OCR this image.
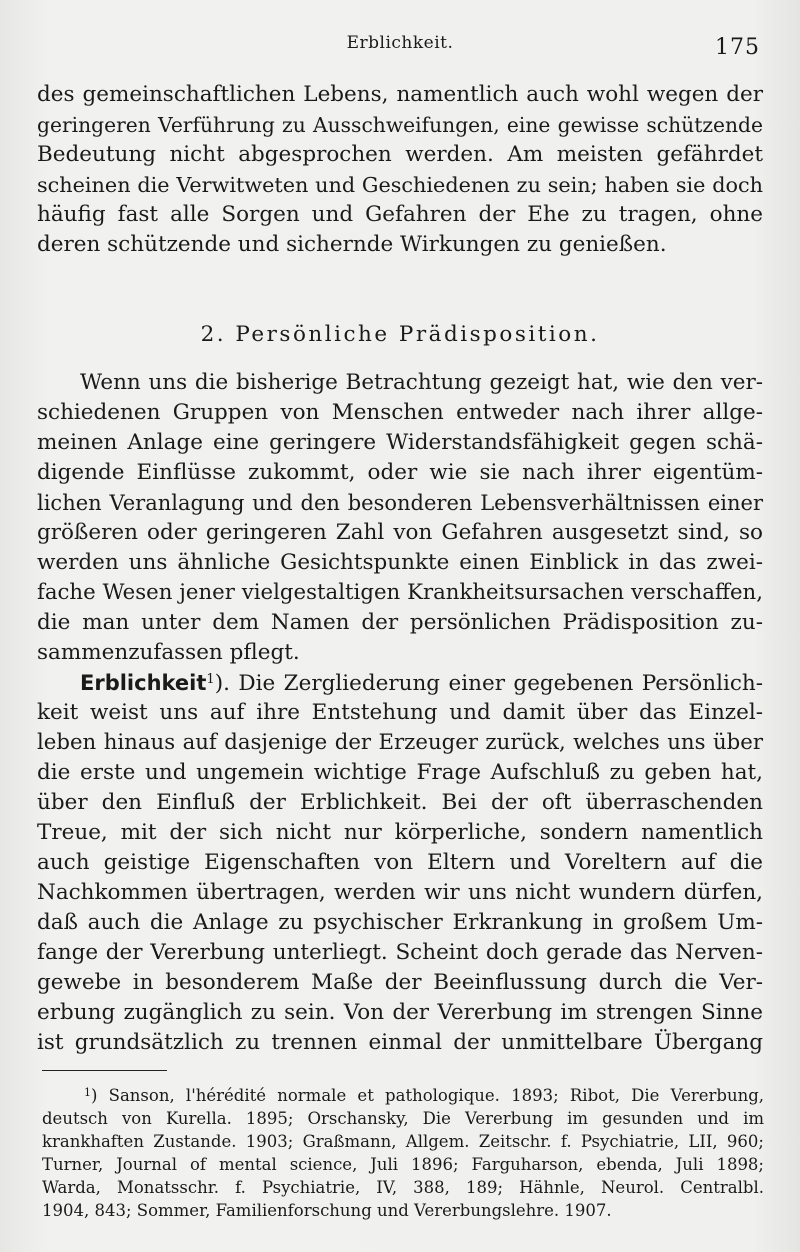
Erblichkeit.	175
des gemeinschaftlichen Lebens, namentlich auch wohl wegen der
geringeren Verführung zu Ausschweifungen, eine gewisse schützende
Bedeutung nicht abgesprochen werden. Am meisten gefährdet
scheinen die Verwitweten und Geschiedenen zu sein; haben sie doch
häufig fast alle Sorgen und Gefahren der Ehe zu tragen, ohne
deren schützende und sichernde Wirkungen zu genießen.
2. Persönliche Prädisposition.
Wenn uns die bisherige Betrachtung gezeigt hat, wie den ver-
schiedenen Gruppen von Menschen entweder nach ihrer allge-
meinen Anlage eine geringere Widerstandsfähigkeit gegen schä-
digende Einflüsse zukommt, oder wie sie nach ihrer eigentüm-
lichen Veranlagung und den besonderen Lebensverhältnissen einer
größeren oder geringeren Zahl von Gefahren ausgesetzt sind, so
werden uns ähnliche Gesichtspunkte einen Einblick in das zwei-
fache Wesen jener vielgestaltigen Krankheitsursachen verschaffen,
die man unter dem Namen der persönlichen Prädisposition zu-
sammenzufassen pflegt.
Erblichkeit$^1$). Die Zergliederung einer gegebenen Persönlich-
keit weist uns auf ihre Entstehung und damit über das Einzel-
leben hinaus auf dasjenige der Erzeuger zurück, welches uns über
die erste und ungemein wichtige Frage Aufschluß zu geben hat,
über den Einfluß der Erblichkeit. Bei der oft überraschenden
Treue, mit der sich nicht nur körperliche, sondern namentlich
auch geistige Eigenschaften von Eltern und Voreltern auf die
Nachkommen übertragen, werden wir uns nicht wundern dürfen,
daß auch die Anlage zu psychischer Erkrankung in großem Um-
fange der Vererbung unterliegt. Scheint doch gerade das Nerven-
gewebe in besonderem Maße der Beeinflussung durch die Ver-
erbung zugänglich zu sein. Von der Vererbung im strengen Sinne
ist grundsätzlich zu trennen einmal der unmittelbare Übergang
$^1$) Sanson, l'hérédité normale et pathologique. 1893; Ribot, Die Vererbung,
deutsch von Kurella. 1895; Orschansky, Die Vererbung im gesunden und im
krankhaften Zustande. 1903; Graßmann, Allgem. Zeitschr. f. Psychiatrie, LII, 960;
Turner, Journal of mental science, Juli 1896; Farguharson, ebenda, Juli 1898;
Warda, Monatsschr. f. Psychiatrie, IV, 388, 189; Hähnle, Neurol. Centralbl.
1904, 843; Sommer, Familienforschung und Vererbungslehre. 1907.
